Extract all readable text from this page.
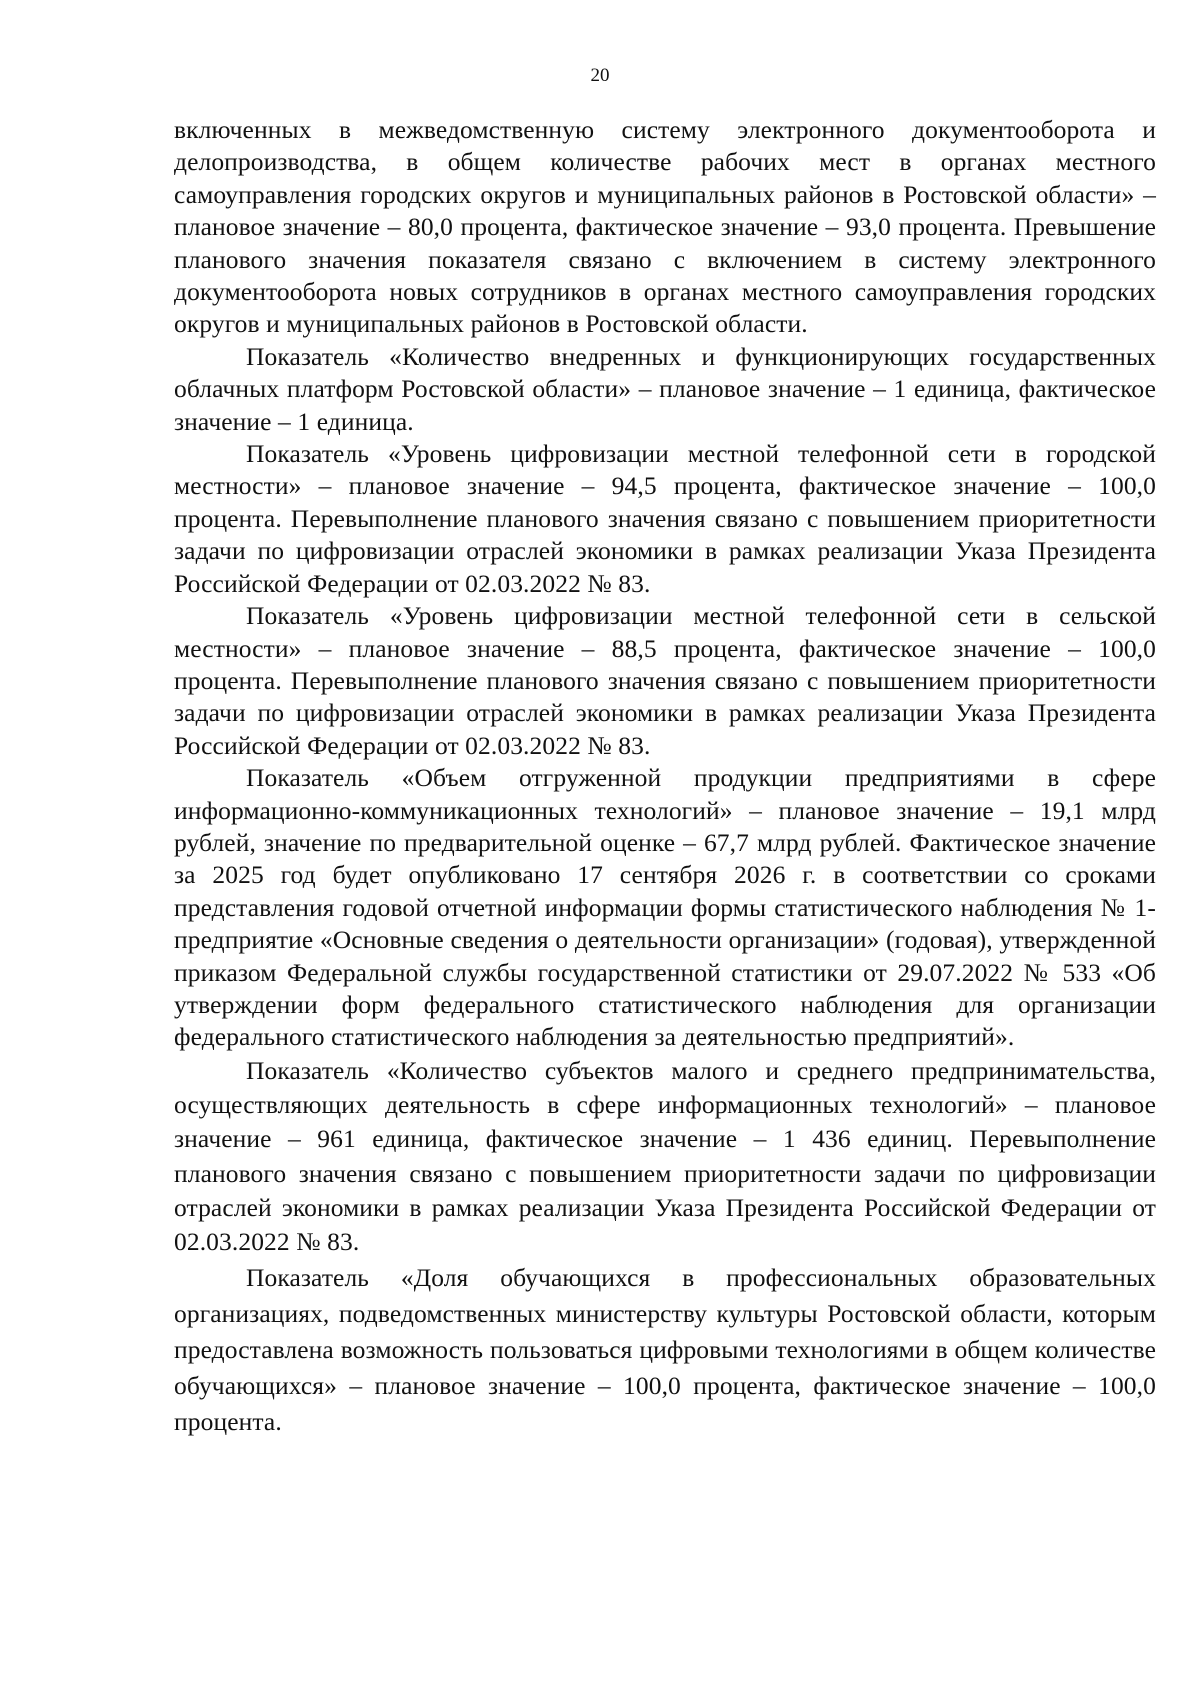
20

включенных в межведомственную систему электронного документооборота и делопроизводства, в общем количестве рабочих мест в органах местного самоуправления городских округов и муниципальных районов в Ростовской области» – плановое значение – 80,0 процента, фактическое значение – 93,0 процента. Превышение планового значения показателя связано с включением в систему электронного документооборота новых сотрудников в органах местного самоуправления городских округов и муниципальных районов в Ростовской области.

Показатель «Количество внедренных и функционирующих государственных облачных платформ Ростовской области» – плановое значение – 1 единица, фактическое значение – 1 единица.

Показатель «Уровень цифровизации местной телефонной сети в городской местности» – плановое значение – 94,5 процента, фактическое значение – 100,0 процента. Перевыполнение планового значения связано с повышением приоритетности задачи по цифровизации отраслей экономики в рамках реализации Указа Президента Российской Федерации от 02.03.2022 № 83.

Показатель «Уровень цифровизации местной телефонной сети в сельской местности» – плановое значение – 88,5 процента, фактическое значение – 100,0 процента. Перевыполнение планового значения связано с повышением приоритетности задачи по цифровизации отраслей экономики в рамках реализации Указа Президента Российской Федерации от 02.03.2022 № 83.

Показатель «Объем отгруженной продукции предприятиями в сфере информационно-коммуникационных технологий» – плановое значение – 19,1 млрд рублей, значение по предварительной оценке – 67,7 млрд рублей. Фактическое значение за 2025 год будет опубликовано 17 сентября 2026 г. в соответствии со сроками представления годовой отчетной информации формы статистического наблюдения № 1-предприятие «Основные сведения о деятельности организации» (годовая), утвержденной приказом Федеральной службы государственной статистики от 29.07.2022 № 533 «Об утверждении форм федерального статистического наблюдения для организации федерального статистического наблюдения за деятельностью предприятий».

Показатель «Количество субъектов малого и среднего предпринимательства, осуществляющих деятельность в сфере информационных технологий» – плановое значение – 961 единица, фактическое значение – 1 436 единиц. Перевыполнение планового значения связано с повышением приоритетности задачи по цифровизации отраслей экономики в рамках реализации Указа Президента Российской Федерации от 02.03.2022 № 83.

Показатель «Доля обучающихся в профессиональных образовательных организациях, подведомственных министерству культуры Ростовской области, которым предоставлена возможность пользоваться цифровыми технологиями в общем количестве обучающихся» – плановое значение – 100,0 процента, фактическое значение – 100,0 процента.
